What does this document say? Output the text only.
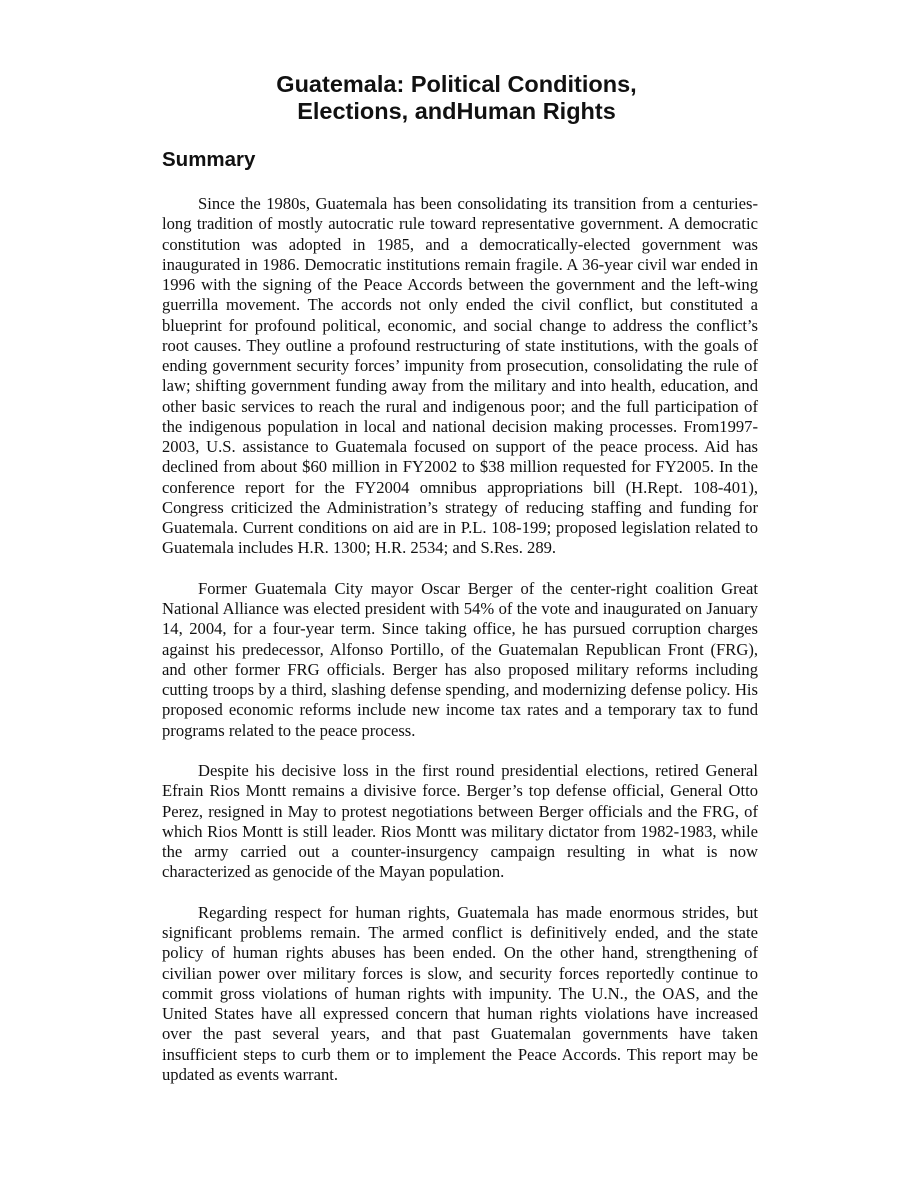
Guatemala: Political Conditions,
Elections, andHuman Rights
Summary

Since the 1980s, Guatemala has been consolidating its transition from a centuries-long tradition of mostly autocratic rule toward representative government. A democratic constitution was adopted in 1985, and a democratically-elected government was inaugurated in 1986. Democratic institutions remain fragile. A 36-year civil war ended in 1996 with the signing of the Peace Accords between the government and the left-wing guerrilla movement. The accords not only ended the civil conflict, but constituted a blueprint for profound political, economic, and social change to address the conflict’s root causes. They outline a profound restructuring of state institutions, with the goals of ending government security forces’ impunity from prosecution, consolidating the rule of law; shifting government funding away from the military and into health, education, and other basic services to reach the rural and indigenous poor; and the full participation of the indigenous population in local and national decision making processes. From1997-2003, U.S. assistance to Guatemala focused on support of the peace process. Aid has declined from about $60 million in FY2002 to $38 million requested for FY2005. In the conference report for the FY2004 omnibus appropriations bill (H.Rept. 108-401), Congress criticized the Administration’s strategy of reducing staffing and funding for Guatemala. Current conditions on aid are in P.L. 108-199; proposed legislation related to Guatemala includes H.R. 1300; H.R. 2534; and S.Res. 289.

Former Guatemala City mayor Oscar Berger of the center-right coalition Great National Alliance was elected president with 54% of the vote and inaugurated on January 14, 2004, for a four-year term. Since taking office, he has pursued corruption charges against his predecessor, Alfonso Portillo, of the Guatemalan Republican Front (FRG), and other former FRG officials. Berger has also proposed military reforms including cutting troops by a third, slashing defense spending, and modernizing defense policy. His proposed economic reforms include new income tax rates and a temporary tax to fund programs related to the peace process.

Despite his decisive loss in the first round presidential elections, retired General Efrain Rios Montt remains a divisive force. Berger’s top defense official, General Otto Perez, resigned in May to protest negotiations between Berger officials and the FRG, of which Rios Montt is still leader. Rios Montt was military dictator from 1982-1983, while the army carried out a counter-insurgency campaign resulting in what is now characterized as genocide of the Mayan population.

Regarding respect for human rights, Guatemala has made enormous strides, but significant problems remain. The armed conflict is definitively ended, and the state policy of human rights abuses has been ended. On the other hand, strengthening of civilian power over military forces is slow, and security forces reportedly continue to commit gross violations of human rights with impunity. The U.N., the OAS, and the United States have all expressed concern that human rights violations have increased over the past several years, and that past Guatemalan governments have taken insufficient steps to curb them or to implement the Peace Accords. This report may be updated as events warrant.
